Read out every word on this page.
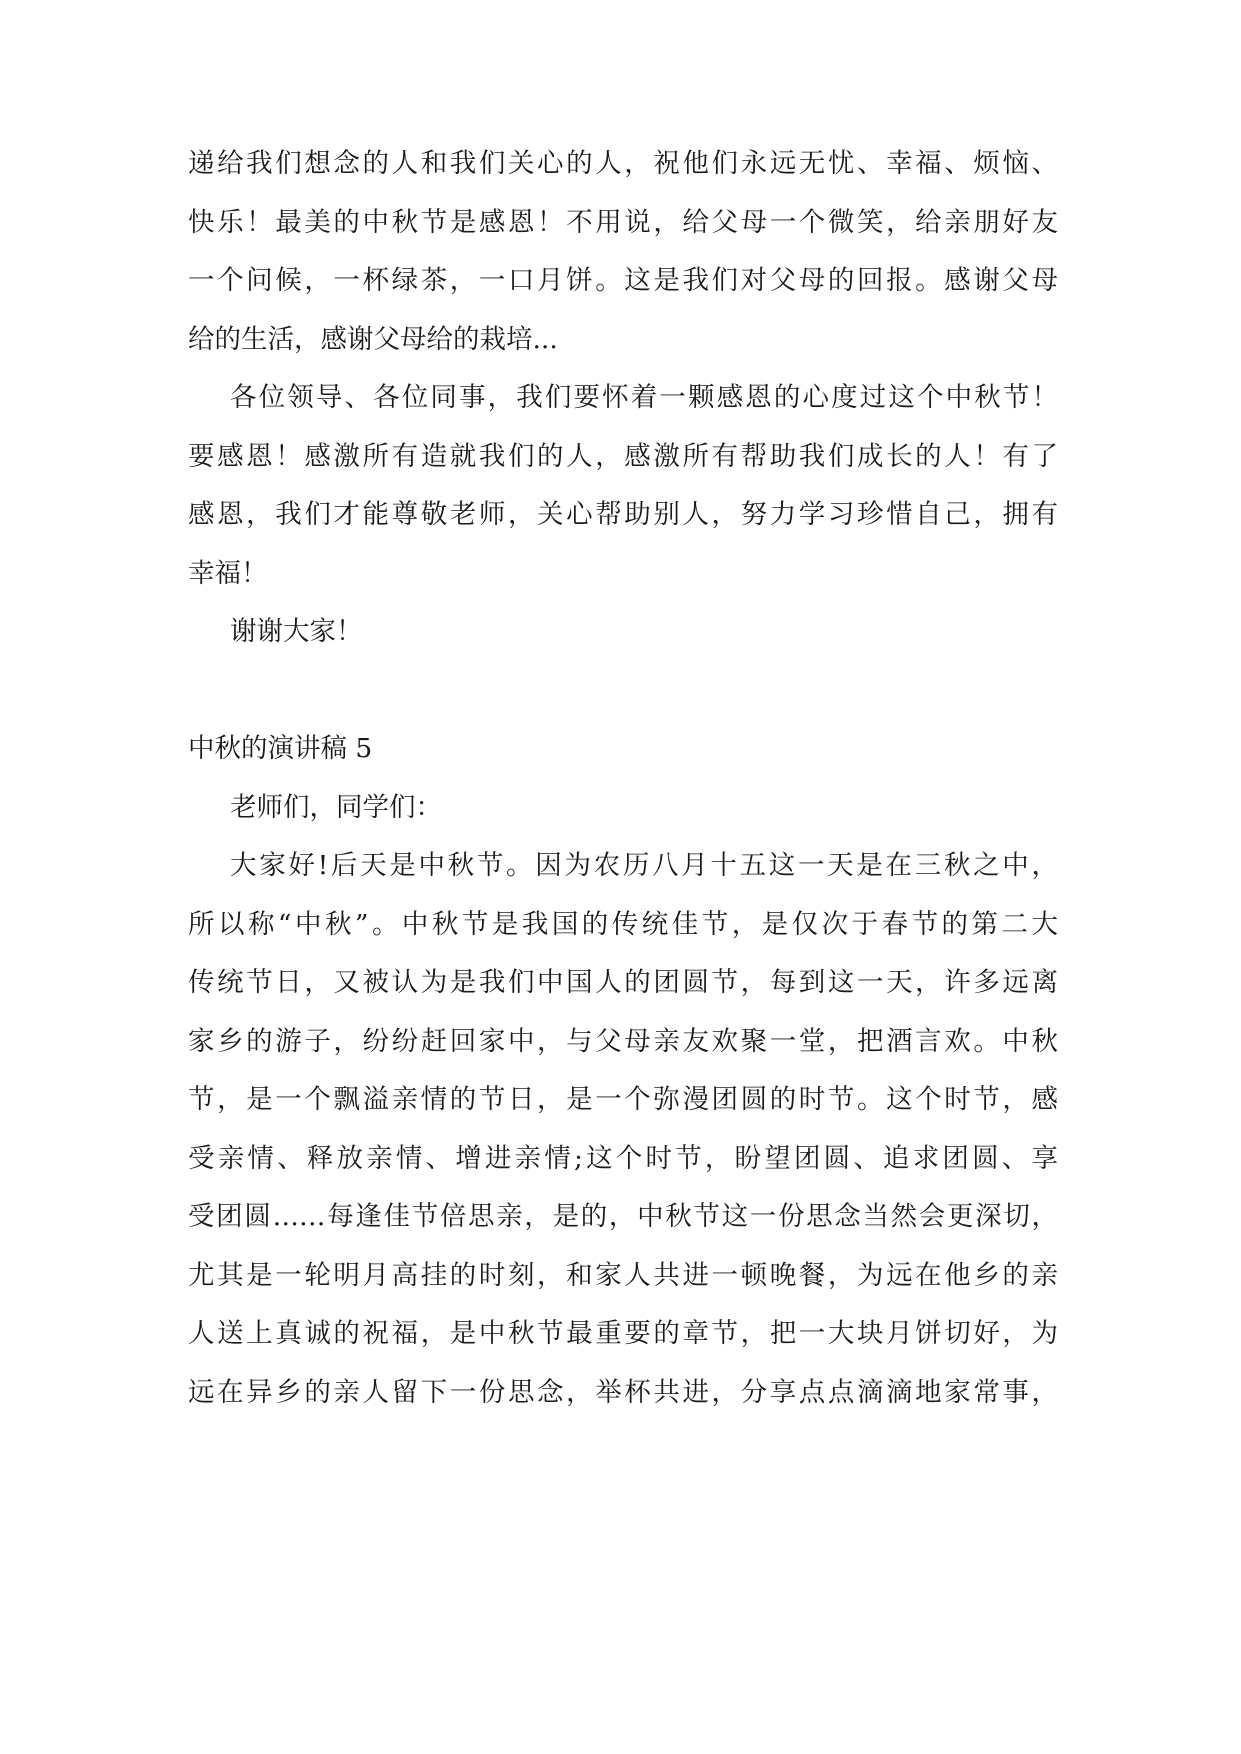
递给我们想念的人和我们关心的人，祝他们永远无忧、幸福、烦恼、
快乐！最美的中秋节是感恩！不用说，给父母一个微笑，给亲朋好友
一个问候，一杯绿茶，一口月饼。这是我们对父母的回报。感谢父母
给的生活，感谢父母给的栽培...
各位领导、各位同事，我们要怀着一颗感恩的心度过这个中秋节！
要感恩！感激所有造就我们的人，感激所有帮助我们成长的人！有了
感恩，我们才能尊敬老师，关心帮助别人，努力学习珍惜自己，拥有
幸福！
谢谢大家！
中秋的演讲稿 5
老师们，同学们：
大家好!后天是中秋节。因为农历八月十五这一天是在三秋之中，
所以称“中秋”。中秋节是我国的传统佳节，是仅次于春节的第二大
传统节日，又被认为是我们中国人的团圆节，每到这一天，许多远离
家乡的游子，纷纷赶回家中，与父母亲友欢聚一堂，把酒言欢。中秋
节，是一个飘溢亲情的节日，是一个弥漫团圆的时节。这个时节，感
受亲情、释放亲情、增进亲情;这个时节，盼望团圆、追求团圆、享
受团圆……每逢佳节倍思亲，是的，中秋节这一份思念当然会更深切，
尤其是一轮明月高挂的时刻，和家人共进一顿晚餐，为远在他乡的亲
人送上真诚的祝福，是中秋节最重要的章节，把一大块月饼切好，为
远在异乡的亲人留下一份思念，举杯共进，分享点点滴滴地家常事，
